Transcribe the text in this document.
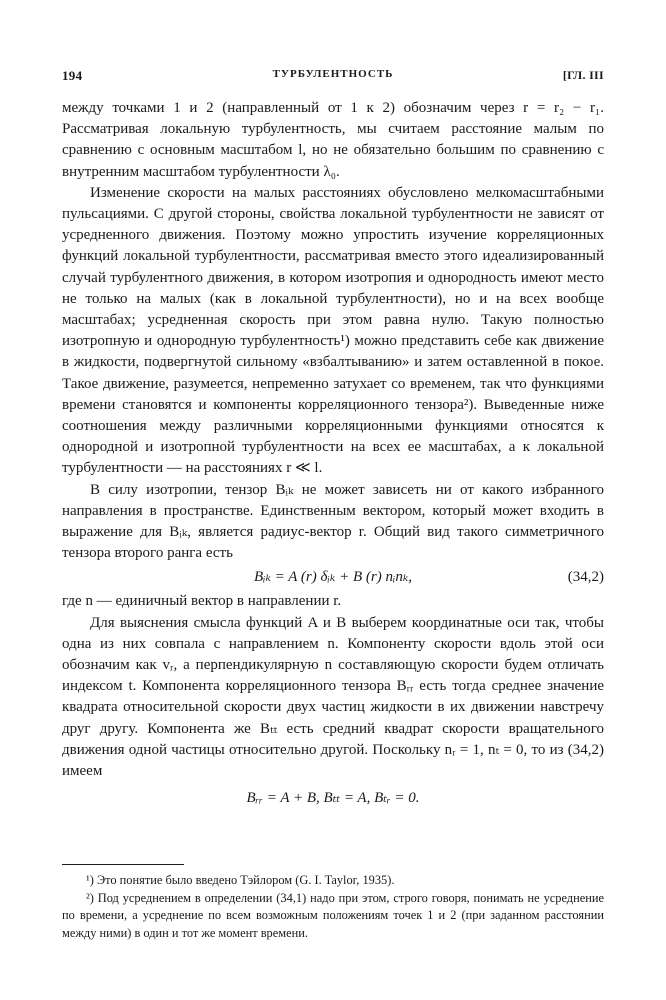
194	ТУРБУЛЕНТНОСТЬ	[ГЛ. III

между точками 1 и 2 (направленный от 1 к 2) обозначим через r = r₂ − r₁. Рассматривая локальную турбулентность, мы считаем расстояние малым по сравнению с основным масштабом l, но не обязательно большим по сравнению с внутренним масштабом турбулентности λ₀.

Изменение скорости на малых расстояниях обусловлено мелкомасштабными пульсациями. С другой стороны, свойства локальной турбулентности не зависят от усредненного движения. Поэтому можно упростить изучение корреляционных функций локальной турбулентности, рассматривая вместо этого идеализированный случай турбулентного движения, в котором изотропия и однородность имеют место не только на малых (как в локальной турбулентности), но и на всех вообще масштабах; усредненная скорость при этом равна нулю. Такую полностью изотропную и однородную турбулентность¹) можно представить себе как движение в жидкости, подвергнутой сильному «взбалтыванию» и затем оставленной в покое. Такое движение, разумеется, непременно затухает со временем, так что функциями времени становятся и компоненты корреляционного тензора²). Выведенные ниже соотношения между различными корреляционными функциями относятся к однородной и изотропной турбулентности на всех ее масштабах, а к локальной турбулентности — на расстояниях r ≪ l.

В силу изотропии, тензор Bᵢₖ не может зависеть ни от какого избранного направления в пространстве. Единственным вектором, который может входить в выражение для Bᵢₖ, является радиус-вектор r. Общий вид такого симметричного тензора второго ранга есть

Bᵢₖ = A (r) δᵢₖ + B (r) nᵢnₖ,	(34,2)

где n — единичный вектор в направлении r.

Для выяснения смысла функций A и B выберем координатные оси так, чтобы одна из них совпала с направлением n. Компоненту скорости вдоль этой оси обозначим как vᵣ, а перпендикулярную n составляющую скорости будем отличать индексом t. Компонента корреляционного тензора Bᵣᵣ есть тогда среднее значение квадрата относительной скорости двух частиц жидкости в их движении навстречу друг другу. Компонента же Bₜₜ есть средний квадрат скорости вращательного движения одной частицы относительно другой. Поскольку nᵣ = 1, nₜ = 0, то из (34,2) имеем

Bᵣᵣ = A + B, Bₜₜ = A, Bₜᵣ = 0.

¹) Это понятие было введено Тэйлором (G. I. Taylor, 1935).

²) Под усреднением в определении (34,1) надо при этом, строго говоря, понимать не усреднение по времени, а усреднение по всем возможным положениям точек 1 и 2 (при заданном расстоянии между ними) в один и тот же момент времени.
